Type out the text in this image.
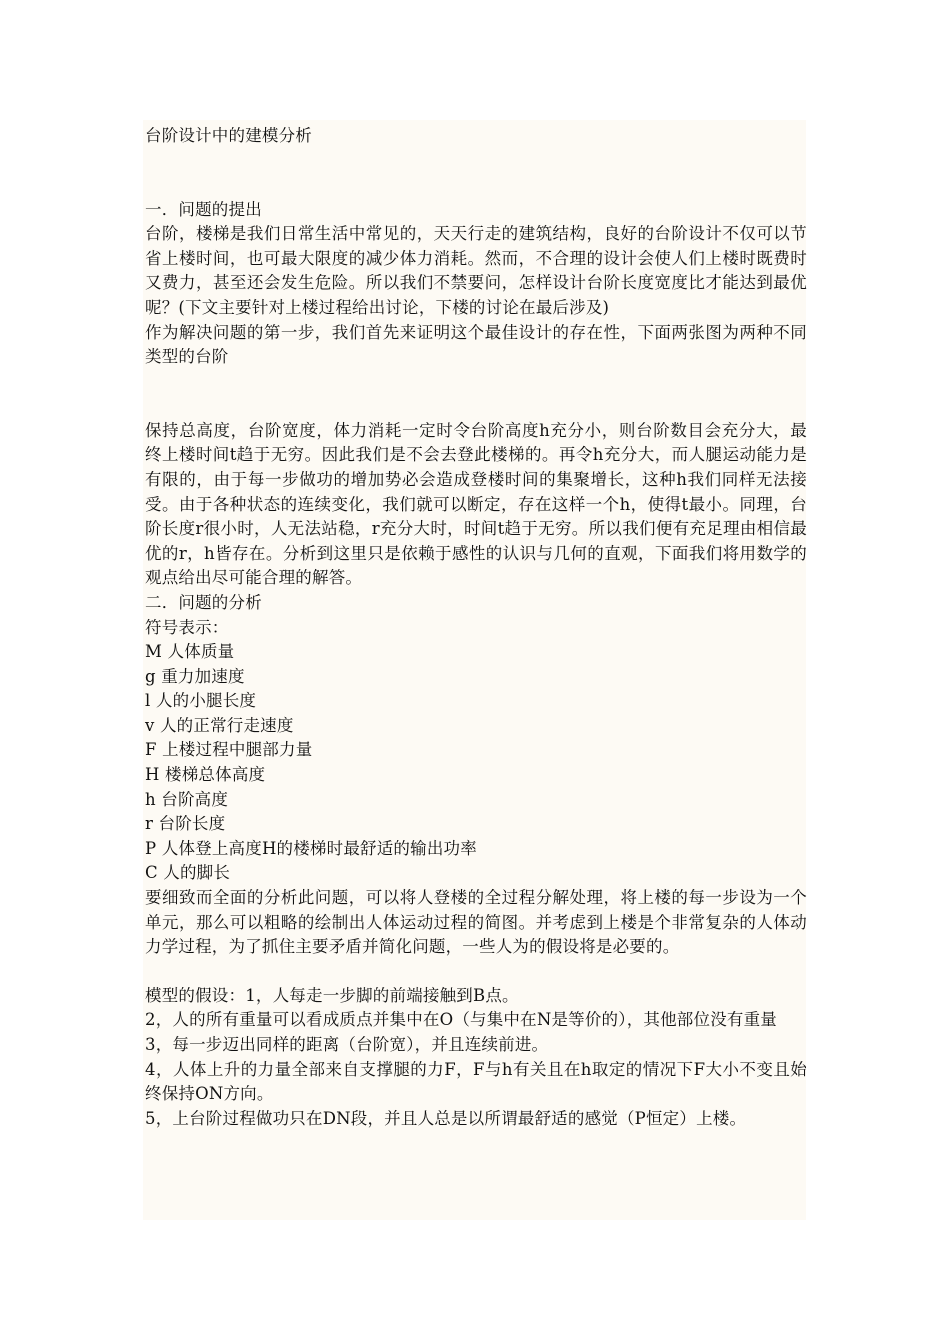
台阶设计中的建模分析

一．问题的提出

台阶，楼梯是我们日常生活中常见的，天天行走的建筑结构，良好的台阶设计不仅可以节省上楼时间，也可最大限度的减少体力消耗。然而，不合理的设计会使人们上楼时既费时又费力，甚至还会发生危险。所以我们不禁要问，怎样设计台阶长度宽度比才能达到最优呢？(下文主要针对上楼过程给出讨论，下楼的讨论在最后涉及)

作为解决问题的第一步，我们首先来证明这个最佳设计的存在性，下面两张图为两种不同类型的台阶

保持总高度，台阶宽度，体力消耗一定时令台阶高度h充分小，则台阶数目会充分大，最终上楼时间t趋于无穷。因此我们是不会去登此楼梯的。再令h充分大，而人腿运动能力是有限的，由于每一步做功的增加势必会造成登楼时间的集聚增长，这种h我们同样无法接受。由于各种状态的连续变化，我们就可以断定，存在这样一个h，使得t最小。同理，台阶长度r很小时，人无法站稳，r充分大时，时间t趋于无穷。所以我们便有充足理由相信最优的r，h皆存在。分析到这里只是依赖于感性的认识与几何的直观，下面我们将用数学的观点给出尽可能合理的解答。

二．问题的分析

符号表示：

M 人体质量
g 重力加速度
l 人的小腿长度
v 人的正常行走速度
F 上楼过程中腿部力量
H 楼梯总体高度
h 台阶高度
r 台阶长度
P 人体登上高度H的楼梯时最舒适的输出功率
C 人的脚长

要细致而全面的分析此问题，可以将人登楼的全过程分解处理，将上楼的每一步设为一个单元，那么可以粗略的绘制出人体运动过程的简图。并考虑到上楼是个非常复杂的人体动力学过程，为了抓住主要矛盾并简化问题，一些人为的假设将是必要的。

模型的假设：1，人每走一步脚的前端接触到B点。

2，人的所有重量可以看成质点并集中在O（与集中在N是等价的），其他部位没有重量

3，每一步迈出同样的距离（台阶宽），并且连续前进。

4，人体上升的力量全部来自支撑腿的力F，F与h有关且在h取定的情况下F大小不变且始终保持ON方向。

5，上台阶过程做功只在DN段，并且人总是以所谓最舒适的感觉（P恒定）上楼。
